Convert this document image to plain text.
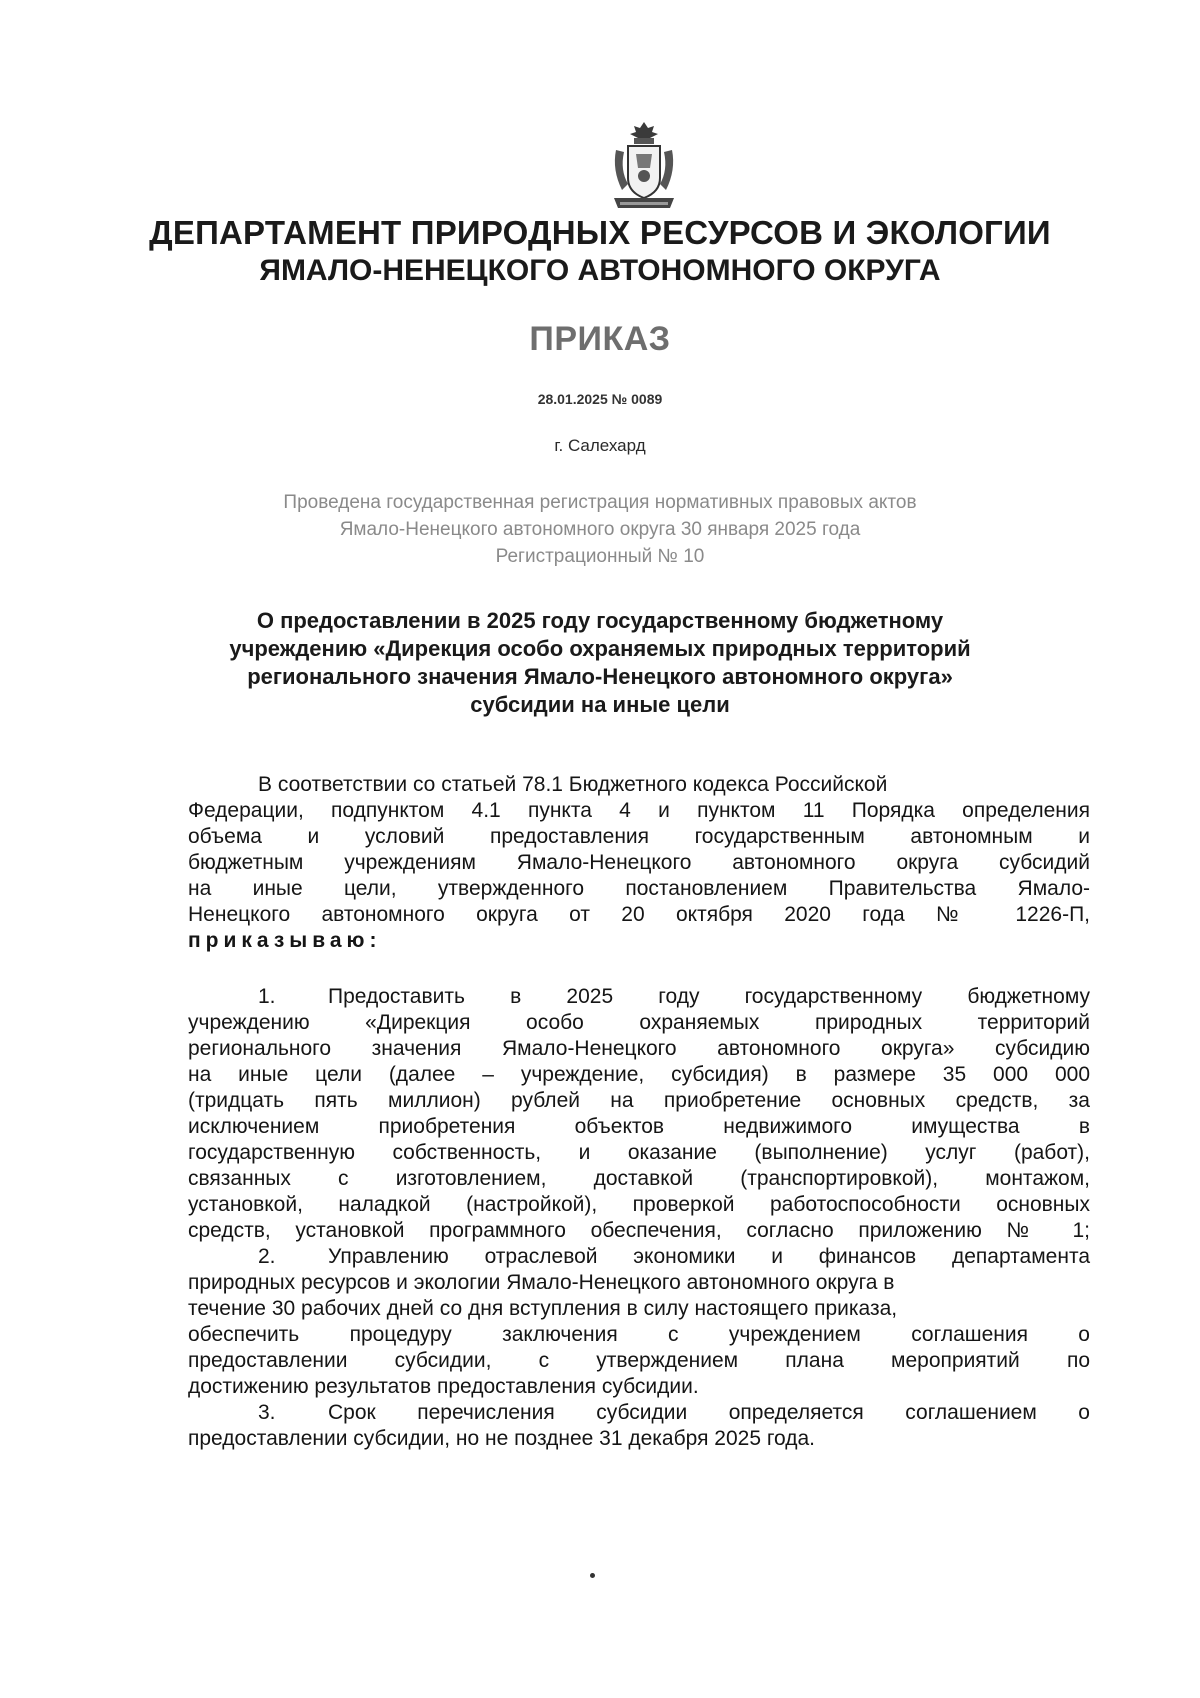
ДЕПАРТАМЕНТ ПРИРОДНЫХ РЕСУРСОВ И ЭКОЛОГИИ
ЯМАЛО-НЕНЕЦКОГО АВТОНОМНОГО ОКРУГА
ПРИКАЗ
28.01.2025 № 0089
г. Салехард
Проведена государственная регистрация нормативных правовых актов
Ямало-Ненецкого автономного округа 30 января 2025 года
Регистрационный № 10
О предоставлении в 2025 году государственному бюджетному
учреждению «Дирекция особо охраняемых природных территорий
регионального значения Ямало-Ненецкого автономного округа»
субсидии на иные цели
В соответствии со статьей 78.1 Бюджетного кодекса Российской
Федерации, подпунктом 4.1 пункта 4 и пунктом 11 Порядка определения
объема и условий предоставления государственным автономным и
бюджетным учреждениям Ямало-Ненецкого автономного округа субсидий
на иные цели, утвержденного постановлением Правительства Ямало-
Ненецкого автономного округа от 20 октября 2020 года № 1226-П,
приказываю:
1. Предоставить в 2025 году государственному бюджетному
учреждению «Дирекция особо охраняемых природных территорий
регионального значения Ямало-Ненецкого автономного округа» субсидию
на иные цели (далее – учреждение, субсидия) в размере 35 000 000
(тридцать пять миллион) рублей на приобретение основных средств, за
исключением приобретения объектов недвижимого имущества в
государственную собственность, и оказание (выполнение) услуг (работ),
связанных с изготовлением, доставкой (транспортировкой), монтажом,
установкой, наладкой (настройкой), проверкой работоспособности основных
средств, установкой программного обеспечения, согласно приложению № 1;
2. Управлению отраслевой экономики и финансов департамента
природных ресурсов и экологии Ямало-Ненецкого автономного округа в
течение 30 рабочих дней со дня вступления в силу настоящего приказа,
обеспечить процедуру заключения с учреждением соглашения о
предоставлении субсидии, с утверждением плана мероприятий по
достижению результатов предоставления субсидии.
3. Срок перечисления субсидии определяется соглашением о
предоставлении субсидии, но не позднее 31 декабря 2025 года.
